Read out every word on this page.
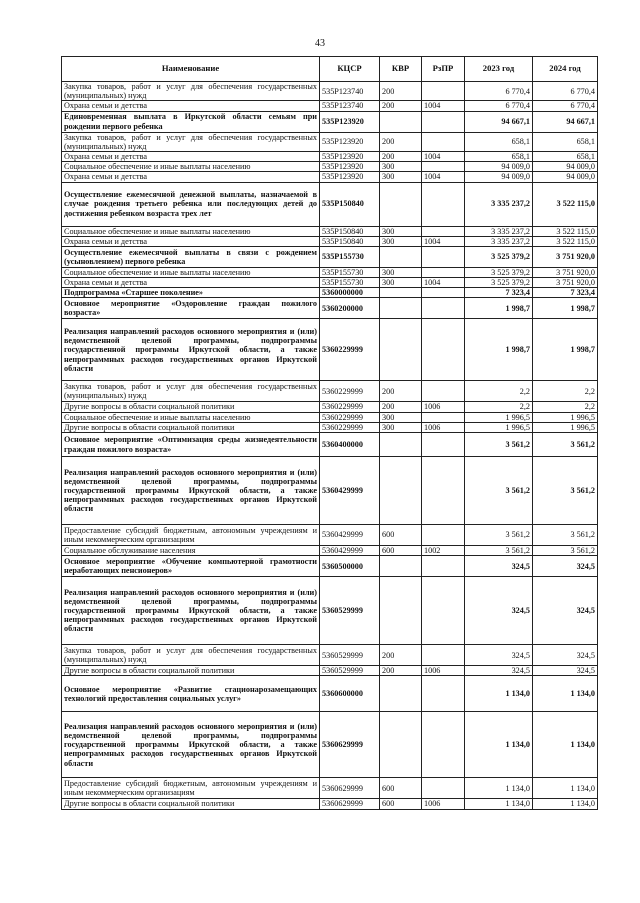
43
Наименование	КЦСР	КВР	РзПР	2023 год	2024 год
Закупка товаров, работ и услуг для обеспечения государственных (муниципальных) нужд	535Р123740	200		6 770,4	6 770,4
Охрана семьи и детства	535Р123740	200	1004	6 770,4	6 770,4
Единовременная выплата в Иркутской области семьям при рождении первого ребенка	535Р123920			94 667,1	94 667,1
Закупка товаров, работ и услуг для обеспечения государственных (муниципальных) нужд	535Р123920	200		658,1	658,1
Охрана семьи и детства	535Р123920	200	1004	658,1	658,1
Социальное обеспечение и иные выплаты населению	535Р123920	300		94 009,0	94 009,0
Охрана семьи и детства	535Р123920	300	1004	94 009,0	94 009,0
Осуществление ежемесячной денежной выплаты, назначаемой в случае рождения третьего ребенка или последующих детей до достижения ребенком возраста трех лет	535Р150840			3 335 237,2	3 522 115,0
Социальное обеспечение и иные выплаты населению	535Р150840	300		3 335 237,2	3 522 115,0
Охрана семьи и детства	535Р150840	300	1004	3 335 237,2	3 522 115,0
Осуществление ежемесячной выплаты в связи с рождением (усыновлением) первого ребенка	535Р155730			3 525 379,2	3 751 920,0
Социальное обеспечение и иные выплаты населению	535Р155730	300		3 525 379,2	3 751 920,0
Охрана семьи и детства	535Р155730	300	1004	3 525 379,2	3 751 920,0
Подпрограмма «Старшее поколение»	5360000000			7 323,4	7 323,4
Основное мероприятие «Оздоровление граждан пожилого возраста»	5360200000			1 998,7	1 998,7
Реализация направлений расходов основного мероприятия и (или) ведомственной целевой программы, подпрограммы государственной программы Иркутской области, а также непрограммных расходов государственных органов Иркутской области	5360229999			1 998,7	1 998,7
Закупка товаров, работ и услуг для обеспечения государственных (муниципальных) нужд	5360229999	200		2,2	2,2
Другие вопросы в области социальной политики	5360229999	200	1006	2,2	2,2
Социальное обеспечение и иные выплаты населению	5360229999	300		1 996,5	1 996,5
Другие вопросы в области социальной политики	5360229999	300	1006	1 996,5	1 996,5
Основное мероприятие «Оптимизация среды жизнедеятельности граждан пожилого возраста»	5360400000			3 561,2	3 561,2
Реализация направлений расходов основного мероприятия и (или) ведомственной целевой программы, подпрограммы государственной программы Иркутской области, а также непрограммных расходов государственных органов Иркутской области	5360429999			3 561,2	3 561,2
Предоставление субсидий бюджетным, автономным учреждениям и иным некоммерческим организациям	5360429999	600		3 561,2	3 561,2
Социальное обслуживание населения	5360429999	600	1002	3 561,2	3 561,2
Основное мероприятие «Обучение компьютерной грамотности неработающих пенсионеров»	5360500000			324,5	324,5
Реализация направлений расходов основного мероприятия и (или) ведомственной целевой программы, подпрограммы государственной программы Иркутской области, а также непрограммных расходов государственных органов Иркутской области	5360529999			324,5	324,5
Закупка товаров, работ и услуг для обеспечения государственных (муниципальных) нужд	5360529999	200		324,5	324,5
Другие вопросы в области социальной политики	5360529999	200	1006	324,5	324,5
Основное мероприятие «Развитие стационарозамещающих технологий предоставления социальных услуг»	5360600000			1 134,0	1 134,0
Реализация направлений расходов основного мероприятия и (или) ведомственной целевой программы, подпрограммы государственной программы Иркутской области, а также непрограммных расходов государственных органов Иркутской области	5360629999			1 134,0	1 134,0
Предоставление субсидий бюджетным, автономным учреждениям и иным некоммерческим организациям	5360629999	600		1 134,0	1 134,0
Другие вопросы в области социальной политики	5360629999	600	1006	1 134,0	1 134,0
